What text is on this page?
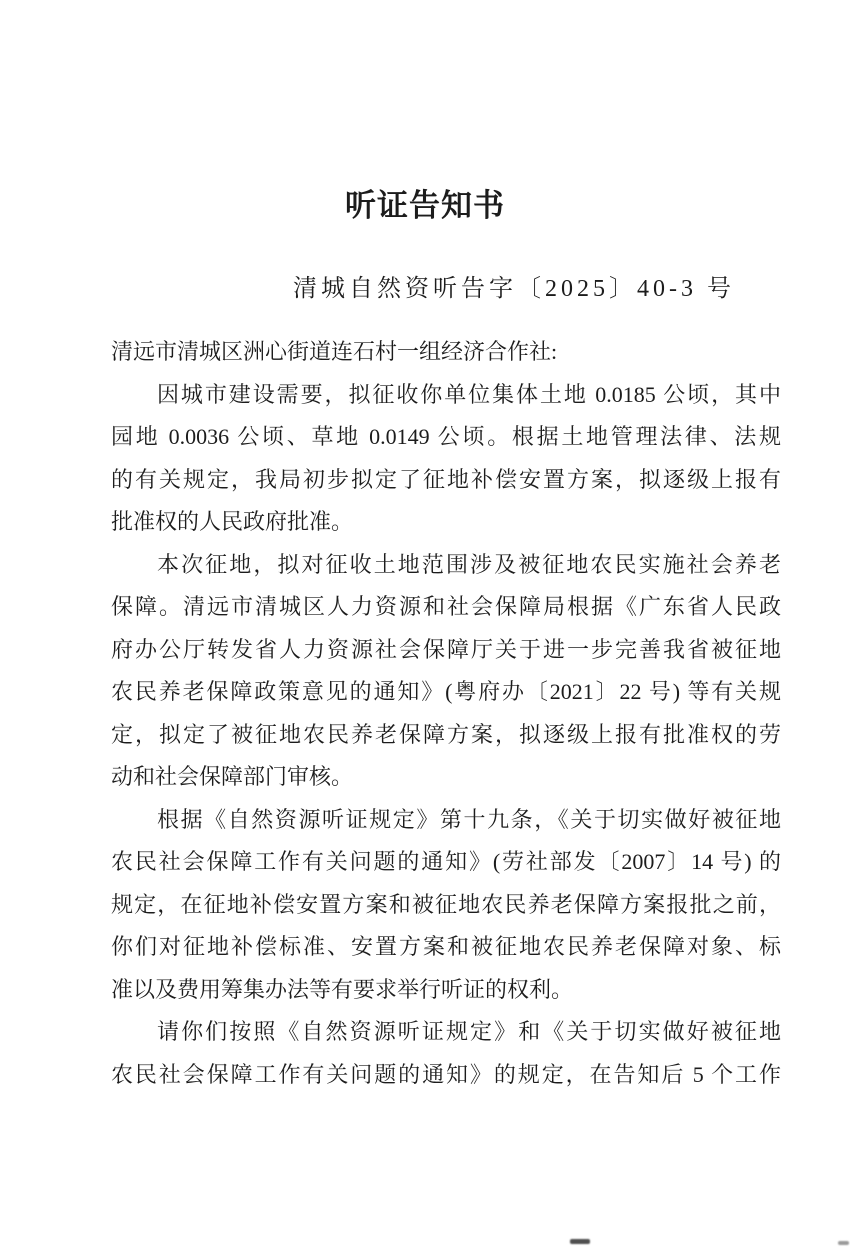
听证告知书
清城自然资听告字〔2025〕40-3 号
清远市清城区洲心街道连石村一组经济合作社:
因城市建设需要，拟征收你单位集体土地 0.0185 公顷，其中
园地 0.0036 公顷、草地 0.0149 公顷。根据土地管理法律、法规
的有关规定，我局初步拟定了征地补偿安置方案，拟逐级上报有
批准权的人民政府批准。
本次征地，拟对征收土地范围涉及被征地农民实施社会养老
保障。清远市清城区人力资源和社会保障局根据《广东省人民政
府办公厅转发省人力资源社会保障厅关于进一步完善我省被征地
农民养老保障政策意见的通知》(粤府办〔2021〕22 号) 等有关规
定，拟定了被征地农民养老保障方案，拟逐级上报有批准权的劳
动和社会保障部门审核。
根据《自然资源听证规定》第十九条，《关于切实做好被征地
农民社会保障工作有关问题的通知》(劳社部发〔2007〕14 号) 的
规定，在征地补偿安置方案和被征地农民养老保障方案报批之前，
你们对征地补偿标准、安置方案和被征地农民养老保障对象、标
准以及费用筹集办法等有要求举行听证的权利。
请你们按照《自然资源听证规定》和《关于切实做好被征地
农民社会保障工作有关问题的通知》的规定，在告知后 5 个工作
